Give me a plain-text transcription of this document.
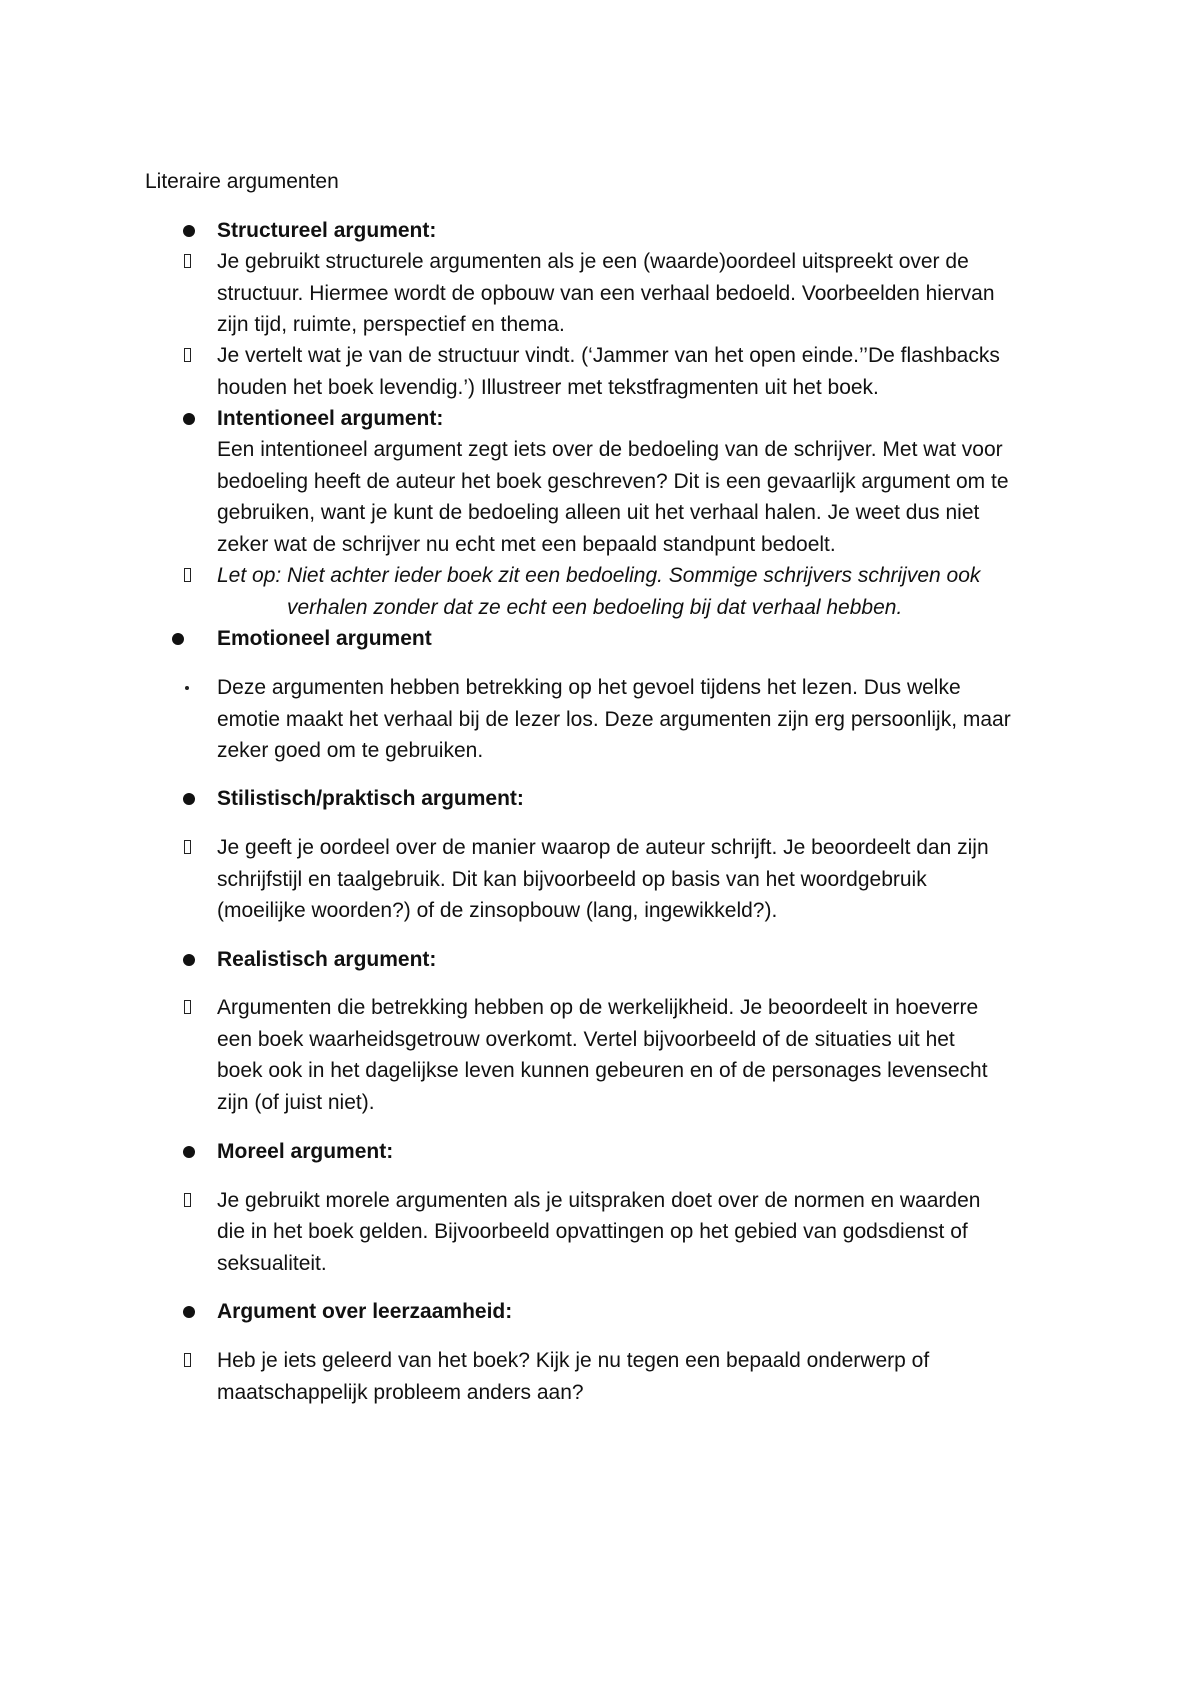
Literaire argumenten
Structureel argument:
Je gebruikt structurele argumenten als je een (waarde)oordeel uitspreekt over de
structuur. Hiermee wordt de opbouw van een verhaal bedoeld. Voorbeelden hiervan
zijn tijd, ruimte, perspectief en thema.
Je vertelt wat je van de structuur vindt. (‘Jammer van het open einde.’’De flashbacks
houden het boek levendig.’) Illustreer met tekstfragmenten uit het boek.
Intentioneel argument:
Een intentioneel argument zegt iets over de bedoeling van de schrijver. Met wat voor
bedoeling heeft de auteur het boek geschreven? Dit is een gevaarlijk argument om te
gebruiken, want je kunt de bedoeling alleen uit het verhaal halen. Je weet dus niet
zeker wat de schrijver nu echt met een bepaald standpunt bedoelt.
Let op: Niet achter ieder boek zit een bedoeling. Sommige schrijvers schrijven ook
verhalen zonder dat ze echt een bedoeling bij dat verhaal hebben.
Emotioneel argument
Deze argumenten hebben betrekking op het gevoel tijdens het lezen. Dus welke
emotie maakt het verhaal bij de lezer los. Deze argumenten zijn erg persoonlijk, maar
zeker goed om te gebruiken.
Stilistisch/praktisch argument:
Je geeft je oordeel over de manier waarop de auteur schrijft. Je beoordeelt dan zijn
schrijfstijl en taalgebruik. Dit kan bijvoorbeeld op basis van het woordgebruik
(moeilijke woorden?) of de zinsopbouw (lang, ingewikkeld?).
Realistisch argument:
Argumenten die betrekking hebben op de werkelijkheid. Je beoordeelt in hoeverre
een boek waarheidsgetrouw overkomt. Vertel bijvoorbeeld of de situaties uit het
boek ook in het dagelijkse leven kunnen gebeuren en of de personages levensecht
zijn (of juist niet).
Moreel argument:
Je gebruikt morele argumenten als je uitspraken doet over de normen en waarden
die in het boek gelden. Bijvoorbeeld opvattingen op het gebied van godsdienst of
seksualiteit.
Argument over leerzaamheid:
Heb je iets geleerd van het boek? Kijk je nu tegen een bepaald onderwerp of
maatschappelijk probleem anders aan?
